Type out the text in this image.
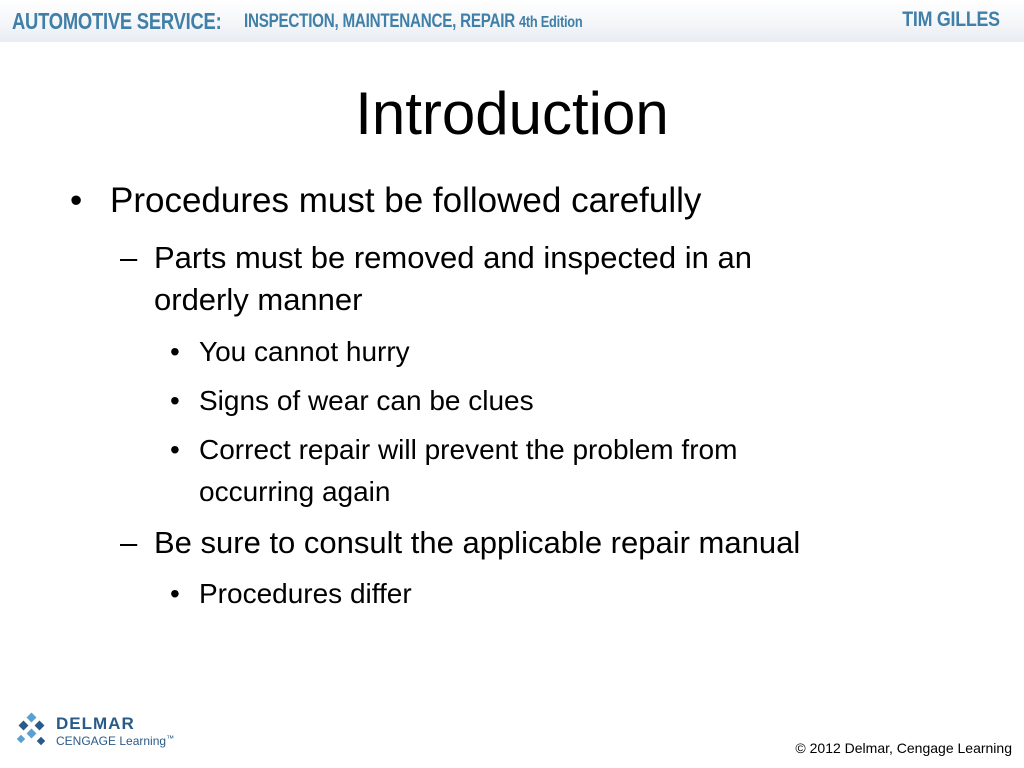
AUTOMOTIVE SERVICE: INSPECTION, MAINTENANCE, REPAIR 4th Edition	TIM GILLES
Introduction
• Procedures must be followed carefully
– Parts must be removed and inspected in an
orderly manner
• You cannot hurry
• Signs of wear can be clues
• Correct repair will prevent the problem from
occurring again
– Be sure to consult the applicable repair manual
• Procedures differ
DELMAR
CENGAGE Learning™
© 2012 Delmar, Cengage Learning
